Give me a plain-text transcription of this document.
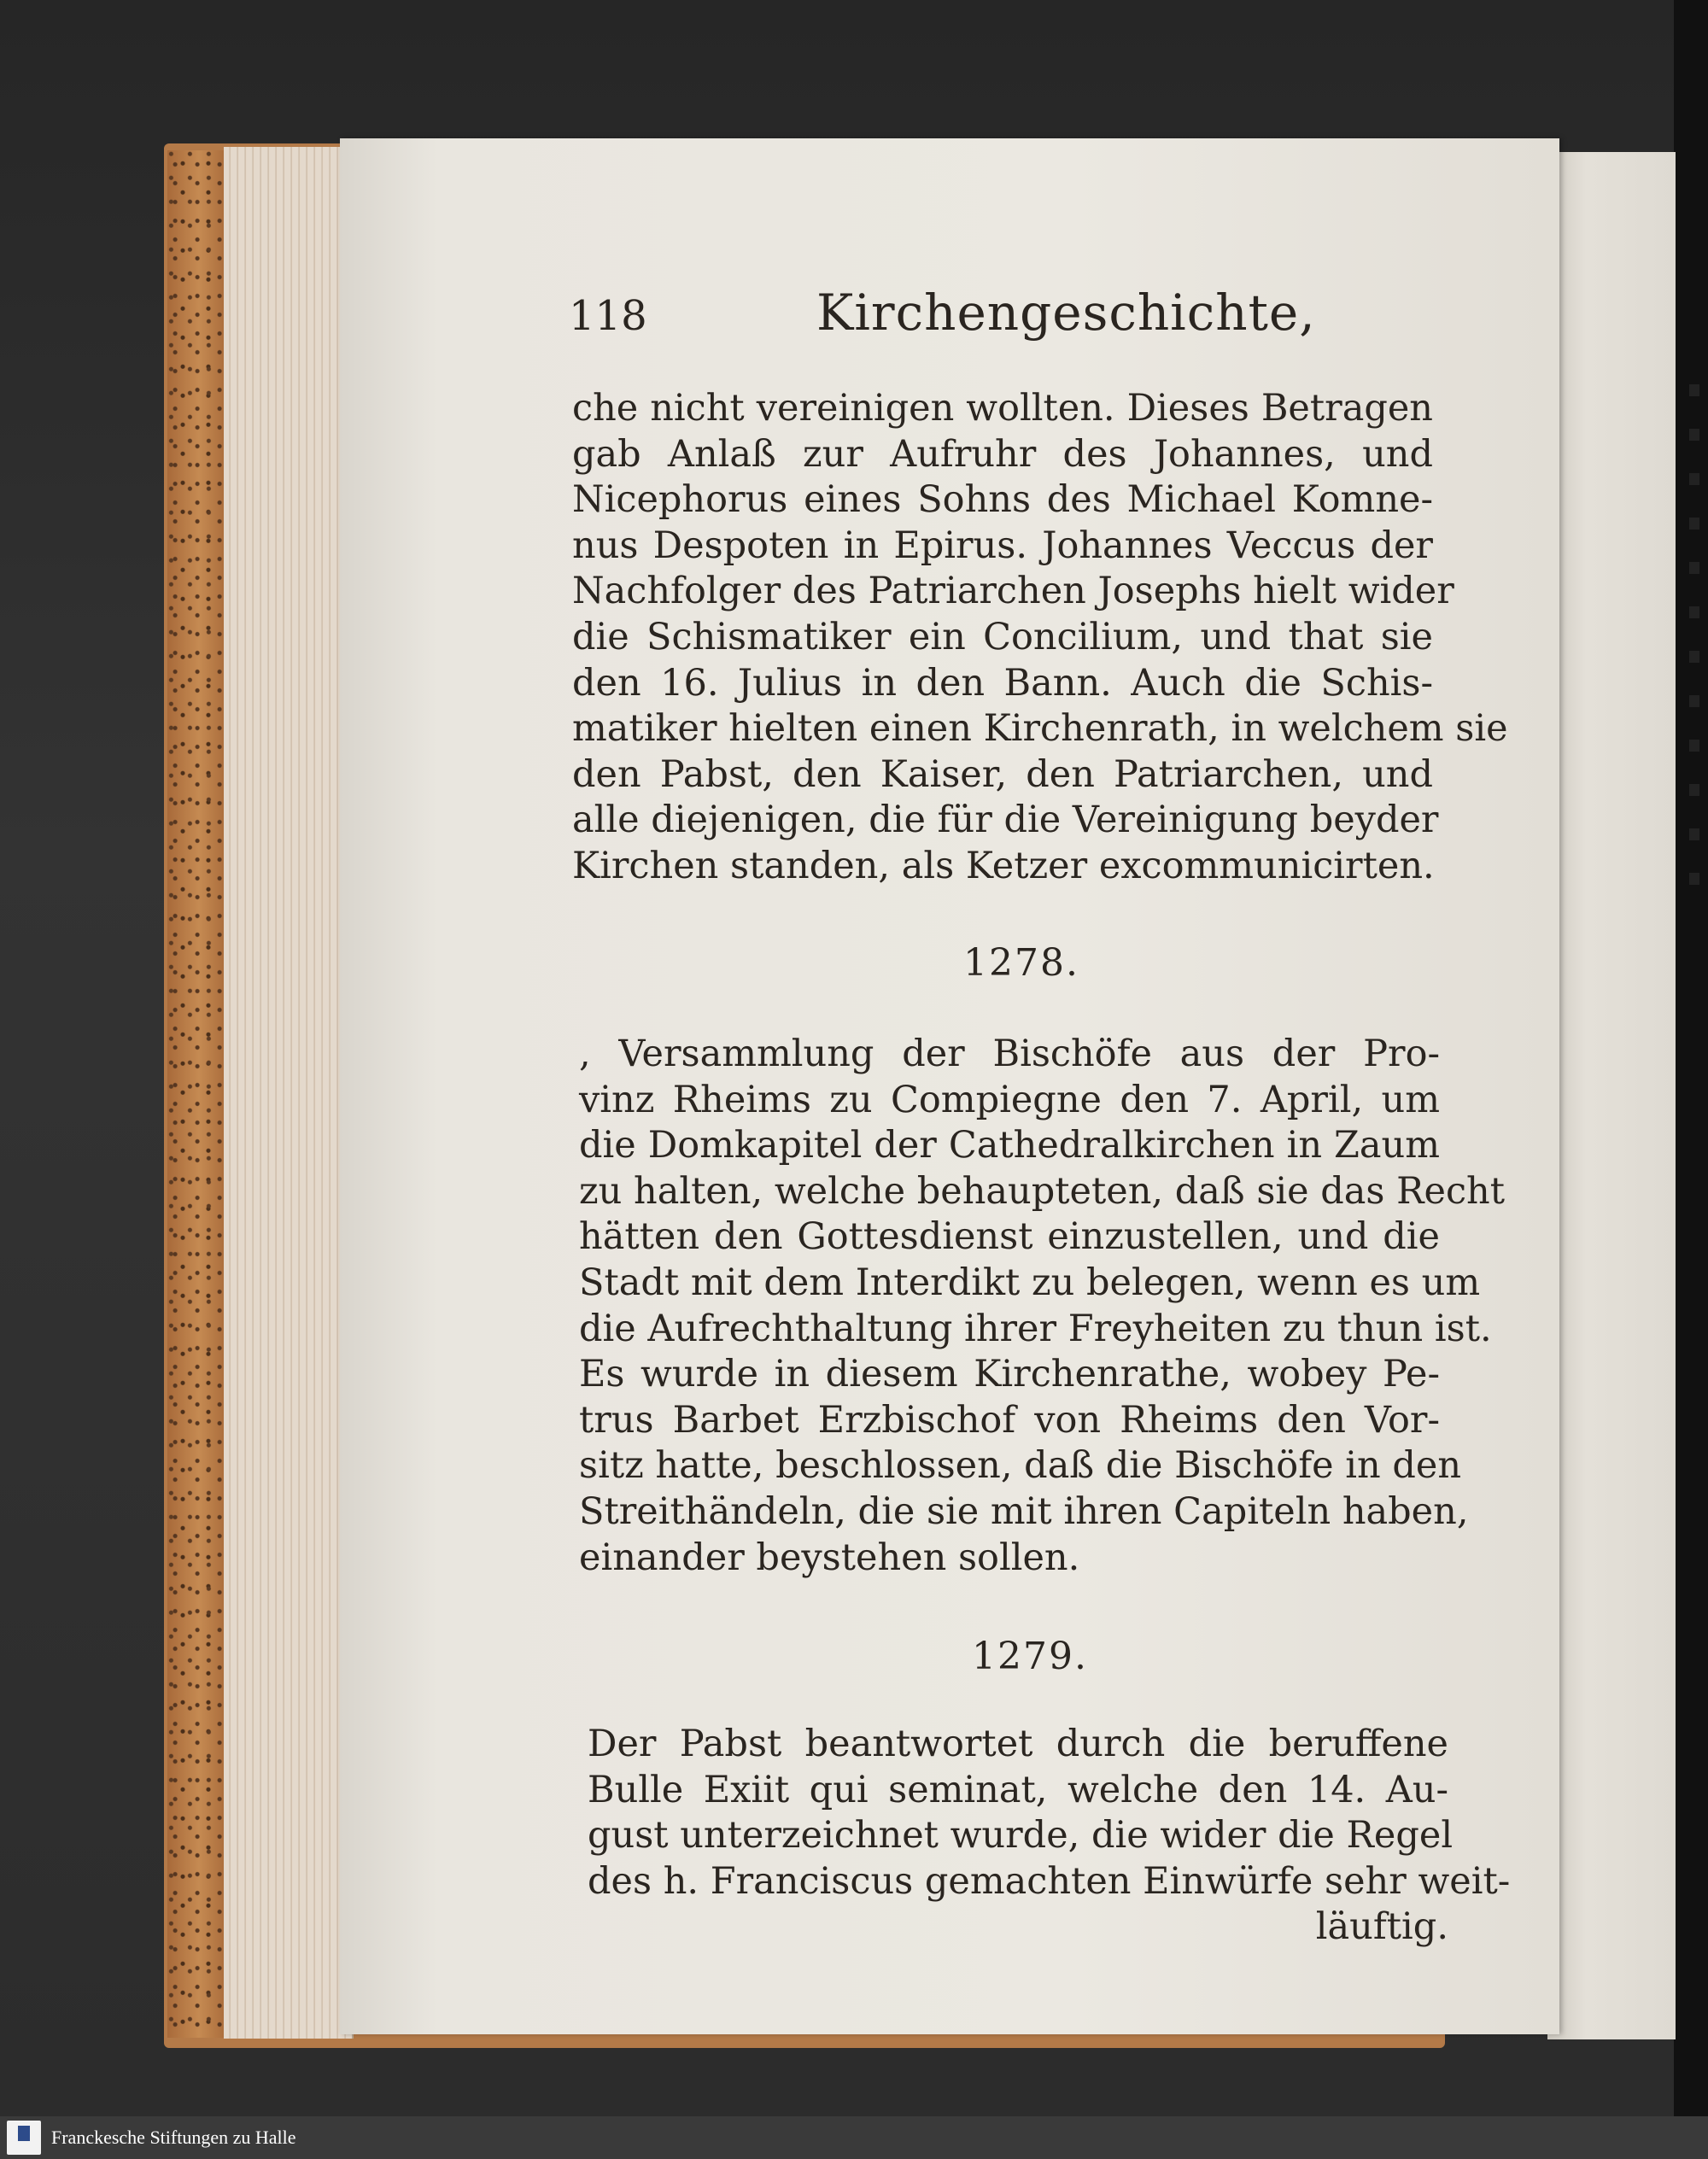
118	Kirchengeschichte,
che nicht vereinigen wollten. Dieses Betragen
gab Anlaß zur Aufruhr des Johannes, und
Nicephorus eines Sohns des Michael Komne-
nus Despoten in Epirus. Johannes Veccus der
Nachfolger des Patriarchen Josephs hielt wider
die Schismatiker ein Concilium, und that sie
den 16. Julius in den Bann. Auch die Schis-
matiker hielten einen Kirchenrath, in welchem sie
den Pabst, den Kaiser, den Patriarchen, und
alle diejenigen, die für die Vereinigung beyder
Kirchen standen, als Ketzer excommunicirten.
1278.
, Versammlung der Bischöfe aus der Pro-
vinz Rheims zu Compiegne den 7. April, um
die Domkapitel der Cathedralkirchen in Zaum
zu halten, welche behaupteten, daß sie das Recht
hätten den Gottesdienst einzustellen, und die
Stadt mit dem Interdikt zu belegen, wenn es um
die Aufrechthaltung ihrer Freyheiten zu thun ist.
Es wurde in diesem Kirchenrathe, wobey Pe-
trus Barbet Erzbischof von Rheims den Vor-
sitz hatte, beschlossen, daß die Bischöfe in den
Streithändeln, die sie mit ihren Capiteln haben,
einander beystehen sollen.
1279.
Der Pabst beantwortet durch die beruffene
Bulle Exiit qui seminat, welche den 14. Au-
gust unterzeichnet wurde, die wider die Regel
des h. Franciscus gemachten Einwürfe sehr weit-
läuftig.
Franckesche Stiftungen zu Halle
